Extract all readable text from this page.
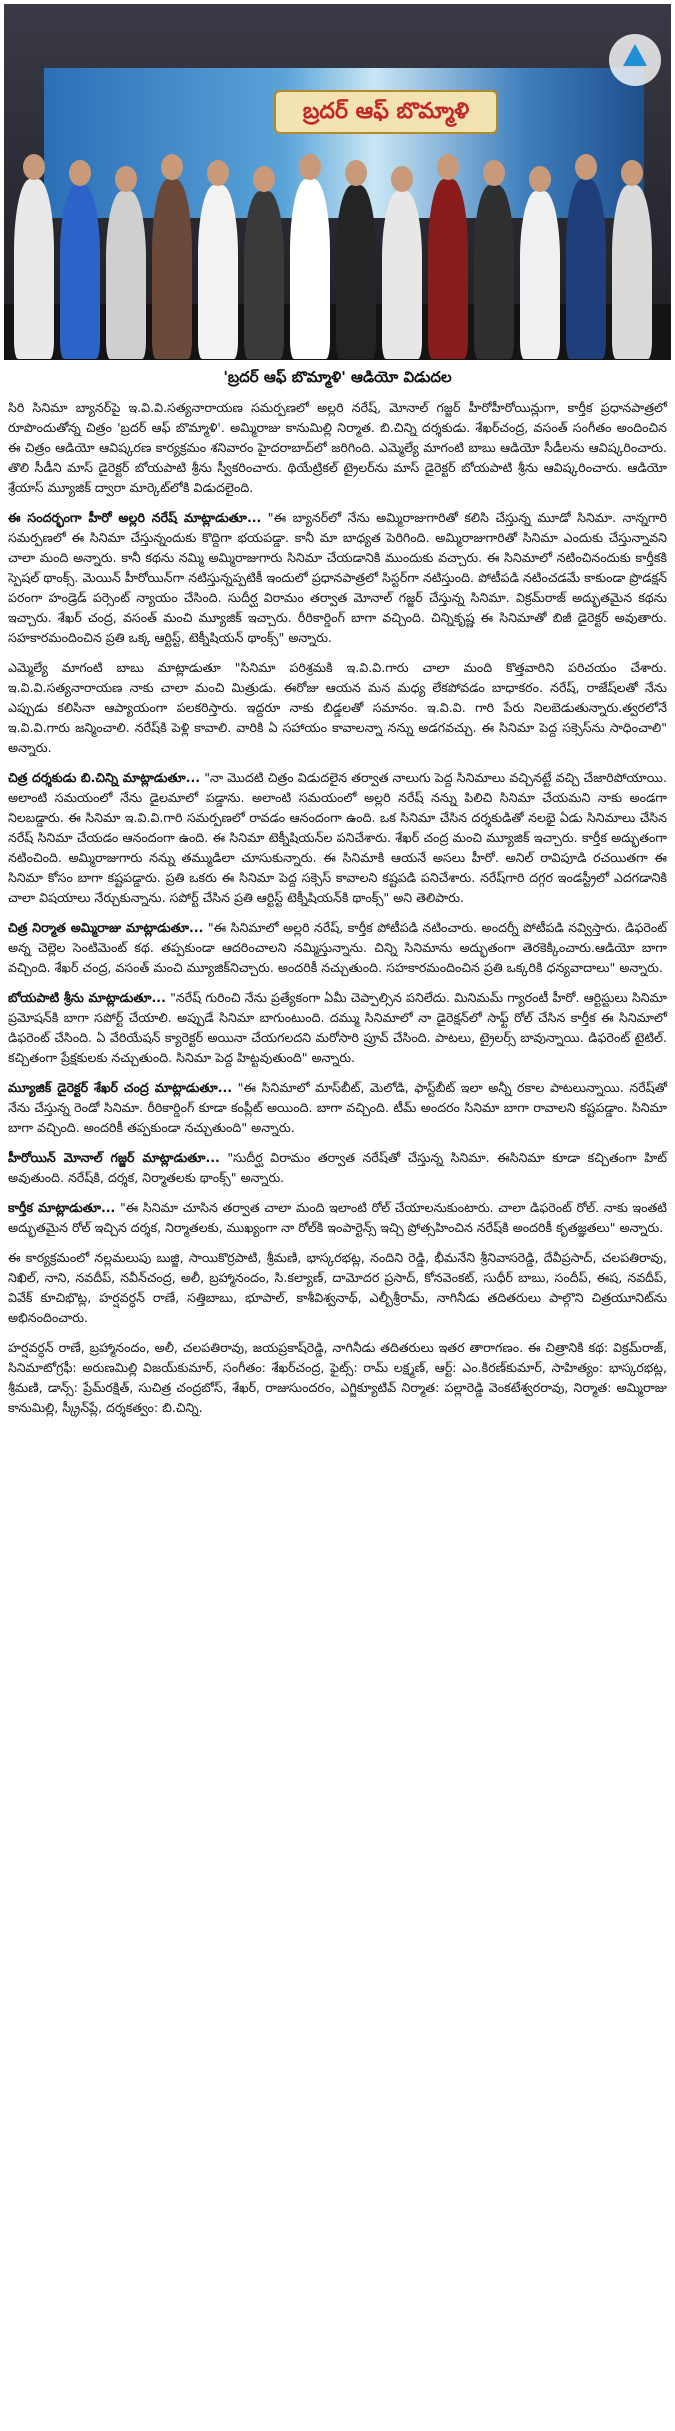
బ్రదర్ ఆఫ్ బొమ్మాళి
'బ్రదర్ ఆఫ్ బొమ్మాళి' ఆడియో విడుదల

సిరి సినిమా బ్యానర్‌పై ఇ.వి.వి.సత్యనారాయణ సమర్పణలో అల్లరి నరేష్, మోనాల్ గజ్జర్ హీరోహీరోయిన్లుగా, కార్తీక ప్రధానపాత్రలో రూపొందుతోన్న చిత్రం 'బ్రదర్ ఆఫ్ బొమ్మాళి'. అమ్మిరాజు కానుమిల్లి నిర్మాత. బి.చిన్ని దర్శకుడు. శేఖర్‌చంద్ర, వసంత్ సంగీతం అందించిన ఈ చిత్రం ఆడియో ఆవిష్కరణ కార్యక్రమం శనివారం హైదరాబాద్‌లో జరిగింది. ఎమ్మెల్యే మాగంటి బాబు ఆడియో సీడీలను ఆవిష్కరించారు. తొలి సీడీని మాస్ డైరెక్టర్ బోయపాటి శ్రీను స్వీకరించారు. థియేట్రికల్ ట్రైలర్‌ను మాస్ డైరెక్టర్ బోయపాటి శ్రీను ఆవిష్కరించారు. ఆడియో శ్రేయాస్ మ్యూజిక్ ద్వారా మార్కెట్‌లోకి విడుదలైంది.

ఈ సందర్భంగా హీరో అల్లరి నరేష్ మాట్లాడుతూ... "ఈ బ్యానర్‌లో నేను అమ్మిరాజుగారితో కలిసి చేస్తున్న మూడో సినిమా. నాన్నగారి సమర్పణలో ఈ సినిమా చేస్తున్నందుకు కొద్దిగా భయపడ్డా. కానీ మా బాధ్యత పెరిగింది. అమ్మిరాజుగారితో సినిమా ఎందుకు చేస్తున్నావని చాలా మంది అన్నారు. కానీ కథను నమ్మి అమ్మిరాజుగారు సినిమా చేయడానికి ముందుకు వచ్చారు. ఈ సినిమాలో నటించినందుకు కార్తీకకి స్పెషల్ థాంక్స్. మెయిన్ హీరోయిన్‌గా నటిస్తున్నప్పటికీ ఇందులో ప్రధానపాత్రలో సిస్టర్‌గా నటిస్తుంది. పోటీపడి నటించడమే కాకుండా ప్రొడక్షన్ పరంగా హండ్రెడ్ పర్సెంట్ న్యాయం చేసింది. సుదీర్ఘ విరామం తర్వాత మోనాల్ గజ్జర్ చేస్తున్న సినిమా. విక్రమ్‌రాజ్ అద్భుతమైన కథను ఇచ్చారు. శేఖర్ చంద్ర, వసంత్ మంచి మ్యూజిక్ ఇచ్చారు. రీరికార్డింగ్ బాగా వచ్చింది. చిన్నికృష్ణ ఈ సినిమాతో బిజీ డైరెక్టర్ అవుతారు. సహకారమందించిన ప్రతి ఒక్క ఆర్టిస్ట్, టెక్నీషియన్ థాంక్స్" అన్నారు.

ఎమ్మెల్యే మాగంటి బాబు మాట్లాడుతూ "సినిమా పరిశ్రమకి ఇ.వి.వి.గారు చాలా మంది కొత్తవారిని పరిచయం చేశారు. ఇ.వి.వి.సత్యనారాయణ నాకు చాలా మంచి మిత్రుడు. ఈరోజు ఆయన మన మధ్య లేకపోవడం బాధాకరం. నరేష్, రాజేష్‌లతో నేను ఎప్పుడు కలిసినా ఆప్యాయంగా పలకరిస్తారు. ఇద్దరూ నాకు బిడ్డలతో సమానం. ఇ.వి.వి. గారి పేరు నిలబెడుతున్నారు.త్వరలోనే ఇ.వి.వి.గారు జన్మించాలి. నరేష్‌కి పెళ్లి కావాలి. వారికి ఏ సహాయం కావాలన్నా నన్ను అడగవచ్చు. ఈ సినిమా పెద్ద సక్సెస్‌ను సాధించాలి" అన్నారు.

చిత్ర దర్శకుడు బి.చిన్ని మాట్లాడుతూ... "నా మొదటి చిత్రం విడుదలైన తర్వాత నాలుగు పెద్ద సినిమాలు వచ్చినట్టే వచ్చి చేజారిపోయాయి. అలాంటి సమయంలో నేను డైలమాలో పడ్డాను. అలాంటి సమయంలో అల్లరి నరేష్ నన్ను పిలిచి సినిమా చేయమని నాకు అండగా నిలబడ్డారు. ఈ సినిమా ఇ.వి.వి.గారి సమర్పణలో రావడం ఆనందంగా ఉంది. ఒక సినిమా చేసిన దర్శకుడితో నలభై ఏడు సినిమాలు చేసిన నరేష్ సినిమా చేయడం ఆనందంగా ఉంది. ఈ సినిమా టెక్నీషియన్‌ల పనిచేశారు. శేఖర్ చంద్ర మంచి మ్యూజిక్ ఇచ్చారు. కార్తీక అద్భుతంగా నటించింది. అమ్మిరాజుగారు నన్ను తమ్ముడిలా చూసుకున్నారు. ఈ సినిమాకి ఆయనే అసలు హీరో. అనిల్ రావిపూడి రచయితగా ఈ సినిమా కోసం బాగా కష్టపడ్డారు. ప్రతి ఒకరు ఈ సినిమా పెద్ద సక్సెస్ కావాలని కష్టపడి పనిచేశారు. నరేష్‌గారి దగ్గర ఇండస్ట్రీలో ఎదగడానికి చాలా విషయాలు నేర్చుకున్నాను. సపోర్ట్ చేసిన ప్రతి ఆర్టిస్ట్ టెక్నీషియన్‌కి థాంక్స్" అని తెలిపారు.

చిత్ర నిర్మాత అమ్మిరాజు మాట్లాడుతూ... "ఈ సినిమాలో అల్లరి నరేష్, కార్తీక పోటీపడి నటించారు. అందర్నీ పోటీపడి నవ్విస్తారు. డిఫరెంట్ అన్న చెల్లెల సెంటిమెంట్ కథ. తప్పకుండా ఆదరించాలని నమ్మిస్తున్నాను. చిన్ని సినిమాను అద్భుతంగా తెరకెక్కించారు.ఆడియో బాగా వచ్చింది. శేఖర్ చంద్ర, వసంత్ మంచి మ్యూజిక్‌నిచ్చారు. అందరికీ నచ్చుతుంది. సహకారమందించిన ప్రతి ఒక్కరికి ధన్యవాదాలు" అన్నారు.

బోయపాటి శ్రీను మాట్లాడుతూ... "నరేష్ గురించి నేను ప్రత్యేకంగా ఏమీ చెప్పాల్సిన పనిలేదు. మినిమమ్ గ్యారంటీ హీరో. ఆర్టిస్టులు సినిమా ప్రమోషన్‌కి బాగా సపోర్ట్ చేయాలి. అప్పుడే సినిమా బాగుంటుంది. దమ్ము సినిమాలో నా డైరెక్షన్‌లో సాఫ్ట్ రోల్ చేసిన కార్తీక ఈ సినిమాలో డిఫరెంట్ చేసింది. ఏ వేరియేషన్ క్యారెక్టర్ అయినా చేయగలదని మరోసారి ప్రూవ్ చేసింది. పాటలు, ట్రైలర్స్ బావున్నాయి. డిఫరెంట్ టైటిల్. కచ్చితంగా ప్రేక్షకులకు నచ్చుతుంది. సినిమా పెద్ద హిట్టవుతుంది" అన్నారు.

మ్యూజిక్ డైరెక్టర్ శేఖర్ చంద్ర మాట్లాడుతూ... "ఈ సినిమాలో మాస్‌బీట్, మెలోడి, ఫాస్ట్‌బీట్ ఇలా అన్నీ రకాల పాటలున్నాయి. నరేష్‌తో నేను చేస్తున్న రెండో సినిమా. రీరికార్డింగ్ కూడా కంప్లీట్ అయింది. బాగా వచ్చింది. టీమ్ అందరం సినిమా బాగా రావాలని కష్టపడ్డాం. సినిమా బాగా వచ్చింది. అందరికీ తప్పకుండా నచ్చుతుంది" అన్నారు.

హీరోయిన్ మోనాల్ గజ్జర్ మాట్లాడుతూ... "సుదీర్ఘ విరామం తర్వాత నరేష్‌తో చేస్తున్న సినిమా. ఈసినిమా కూడా కచ్చితంగా హిట్ అవుతుంది. నరేష్‌కి, దర్శక, నిర్మాతలకు థాంక్స్" అన్నారు.

కార్తీక మాట్లాడుతూ... "ఈ సినిమా చూసిన తర్వాత చాలా మంది ఇలాంటి రోల్ చేయాలనుకుంటారు. చాలా డిఫరెంట్ రోల్. నాకు ఇంతటి అద్భుతమైన రోల్ ఇచ్చిన దర్శక, నిర్మాతలకు, ముఖ్యంగా నా రోల్‌కి ఇంపార్టెన్స్ ఇచ్చి ప్రోత్సహించిన నరేష్‌కి అందరికీ కృతజ్ఞతలు" అన్నారు.

ఈ కార్యక్రమంలో నల్లమలుపు బుజ్జి, సాయికొర్రపాటి, శ్రీమణి, భాస్కరభట్ల, నందిని రెడ్డి, భీమనేని శ్రీనివాసరెడ్డి, దేవీప్రసాద్, చలపతిరావు, నిఖిల్, నాని, నవదీప్, నవీన్‌చంద్ర, అలీ, బ్రహ్మానందం, సి.కల్యాణ్, దామోదర ప్రసాద్, కోనవెంకట్, సుధీర్ బాబు, సందీప్, ఈష, నవదీప్, వివేక్ కూచిభొట్ల, హర్షవర్ధన్ రాణే, సత్తిబాబు, భూపాల్, కాశీవిశ్వనాథ్, ఎల్బీశ్రీరామ్, నాగినీడు తదితరులు పాల్గొని చిత్రయూనిట్‌ను అభినందించారు.

హర్షవర్ధన్ రాణే, బ్రహ్మానందం, అలీ, చలపతిరావు, జయప్రకాష్‌రెడ్డి, నాగినీడు తదితరులు ఇతర తారాగణం. ఈ చిత్రానికి కథ: విక్రమ్‌రాజ్, సినిమాటోగ్రఫీ: అరుణమిల్లి విజయ్‌కుమార్, సంగీతం: శేఖర్‌చంద్ర, ఫైట్స్: రామ్ లక్ష్మణ్, ఆర్ట్: ఎం.కిరణ్‌కుమార్, సాహిత్యం: భాస్కరభట్ల, శ్రీమణి, డాన్స్: ప్రేమ్‌రక్షిత్, సుచిత్ర చంద్రబోస్, శేఖర్, రాజుసుందరం, ఎగ్జిక్యూటివ్ నిర్మాత: పల్లారెడ్డి వెంకటేశ్వరరావు, నిర్మాత: అమ్మిరాజు కానుమిల్లి, స్క్రీన్‌ప్లే, దర్శకత్వం: బి.చిన్ని.
